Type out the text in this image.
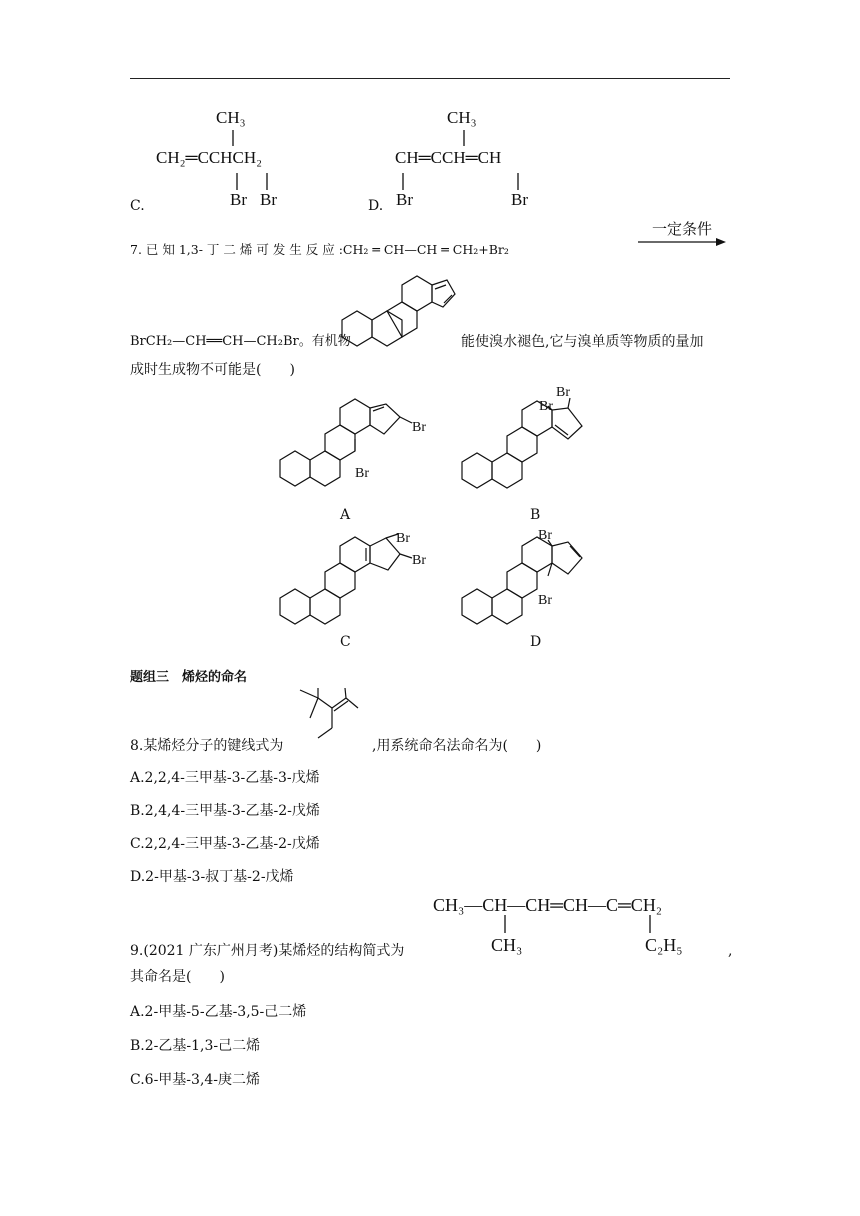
C.
CH₃
CH₂═CCHCH₂
Br Br	D.
CH₃
CH═CCH═CH
Br	Br
7. 已 知 1,3- 丁 二 烯 可 发 生 反 应 :CH₂ ═ CH—CH ═ CH₂+Br₂
一定条件
BrCH₂—CH══CH—CH₂Br。有机物	能使溴水褪色,它与溴单质等物质的量加
成时生成物不可能是(　　)
Br
Br
A
Br
Br
B
Br
Br
C
Br
Br
D
题组三　烯烃的命名
8.某烯烃分子的键线式为	,用系统命名法命名为(　　)
A.2,2,4-三甲基-3-乙基-3-戊烯
B.2,4,4-三甲基-3-乙基-2-戊烯
C.2,2,4-三甲基-3-乙基-2-戊烯
D.2-甲基-3-叔丁基-2-戊烯
CH₃—CH—CH═CH—C═CH₂
CH₃	C₂H₅
9.(2021 广东广州月考)某烯烃的结构简式为	,
其命名是(　　)
A.2-甲基-5-乙基-3,5-己二烯
B.2-乙基-1,3-己二烯
C.6-甲基-3,4-庚二烯
